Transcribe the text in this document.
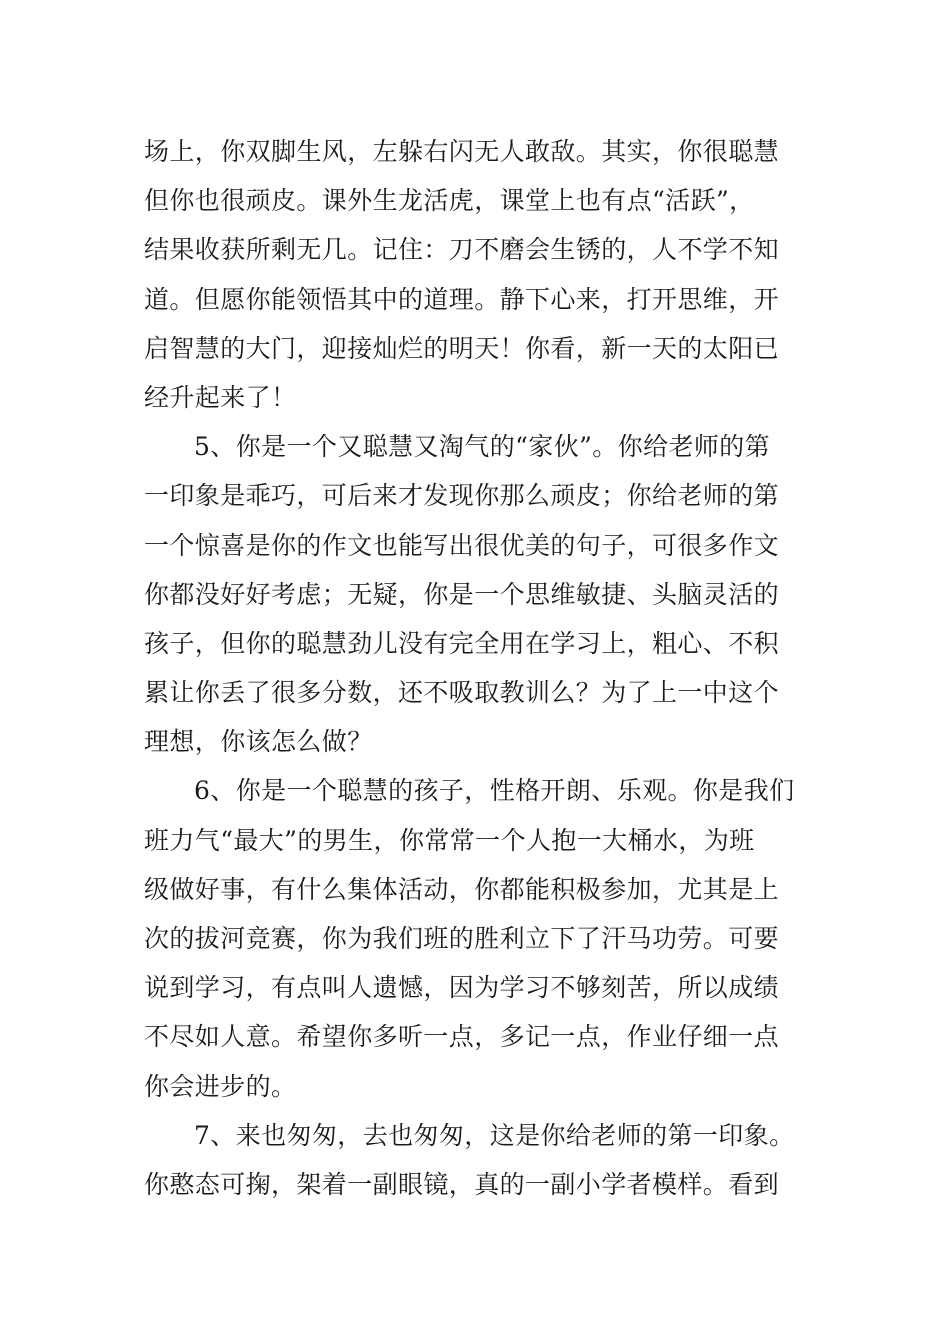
场上，你双脚生风，左躲右闪无人敢敌。其实，你很聪慧
但你也很顽皮。课外生龙活虎，课堂上也有点“活跃”，
结果收获所剩无几。记住：刀不磨会生锈的，人不学不知
道。但愿你能领悟其中的道理。静下心来，打开思维，开
启智慧的大门，迎接灿烂的明天！你看，新一天的太阳已
经升起来了！
5、你是一个又聪慧又淘气的“家伙”。你给老师的第
一印象是乖巧，可后来才发现你那么顽皮；你给老师的第
一个惊喜是你的作文也能写出很优美的句子，可很多作文
你都没好好考虑；无疑，你是一个思维敏捷、头脑灵活的
孩子，但你的聪慧劲儿没有完全用在学习上，粗心、不积
累让你丢了很多分数，还不吸取教训么？为了上一中这个
理想，你该怎么做？
6、你是一个聪慧的孩子，性格开朗、乐观。你是我们
班力气“最大”的男生，你常常一个人抱一大桶水，为班
级做好事，有什么集体活动，你都能积极参加，尤其是上
次的拔河竞赛，你为我们班的胜利立下了汗马功劳。可要
说到学习，有点叫人遗憾，因为学习不够刻苦，所以成绩
不尽如人意。希望你多听一点，多记一点，作业仔细一点
你会进步的。
7、来也匆匆，去也匆匆，这是你给老师的第一印象。
你憨态可掬，架着一副眼镜，真的一副小学者模样。看到
